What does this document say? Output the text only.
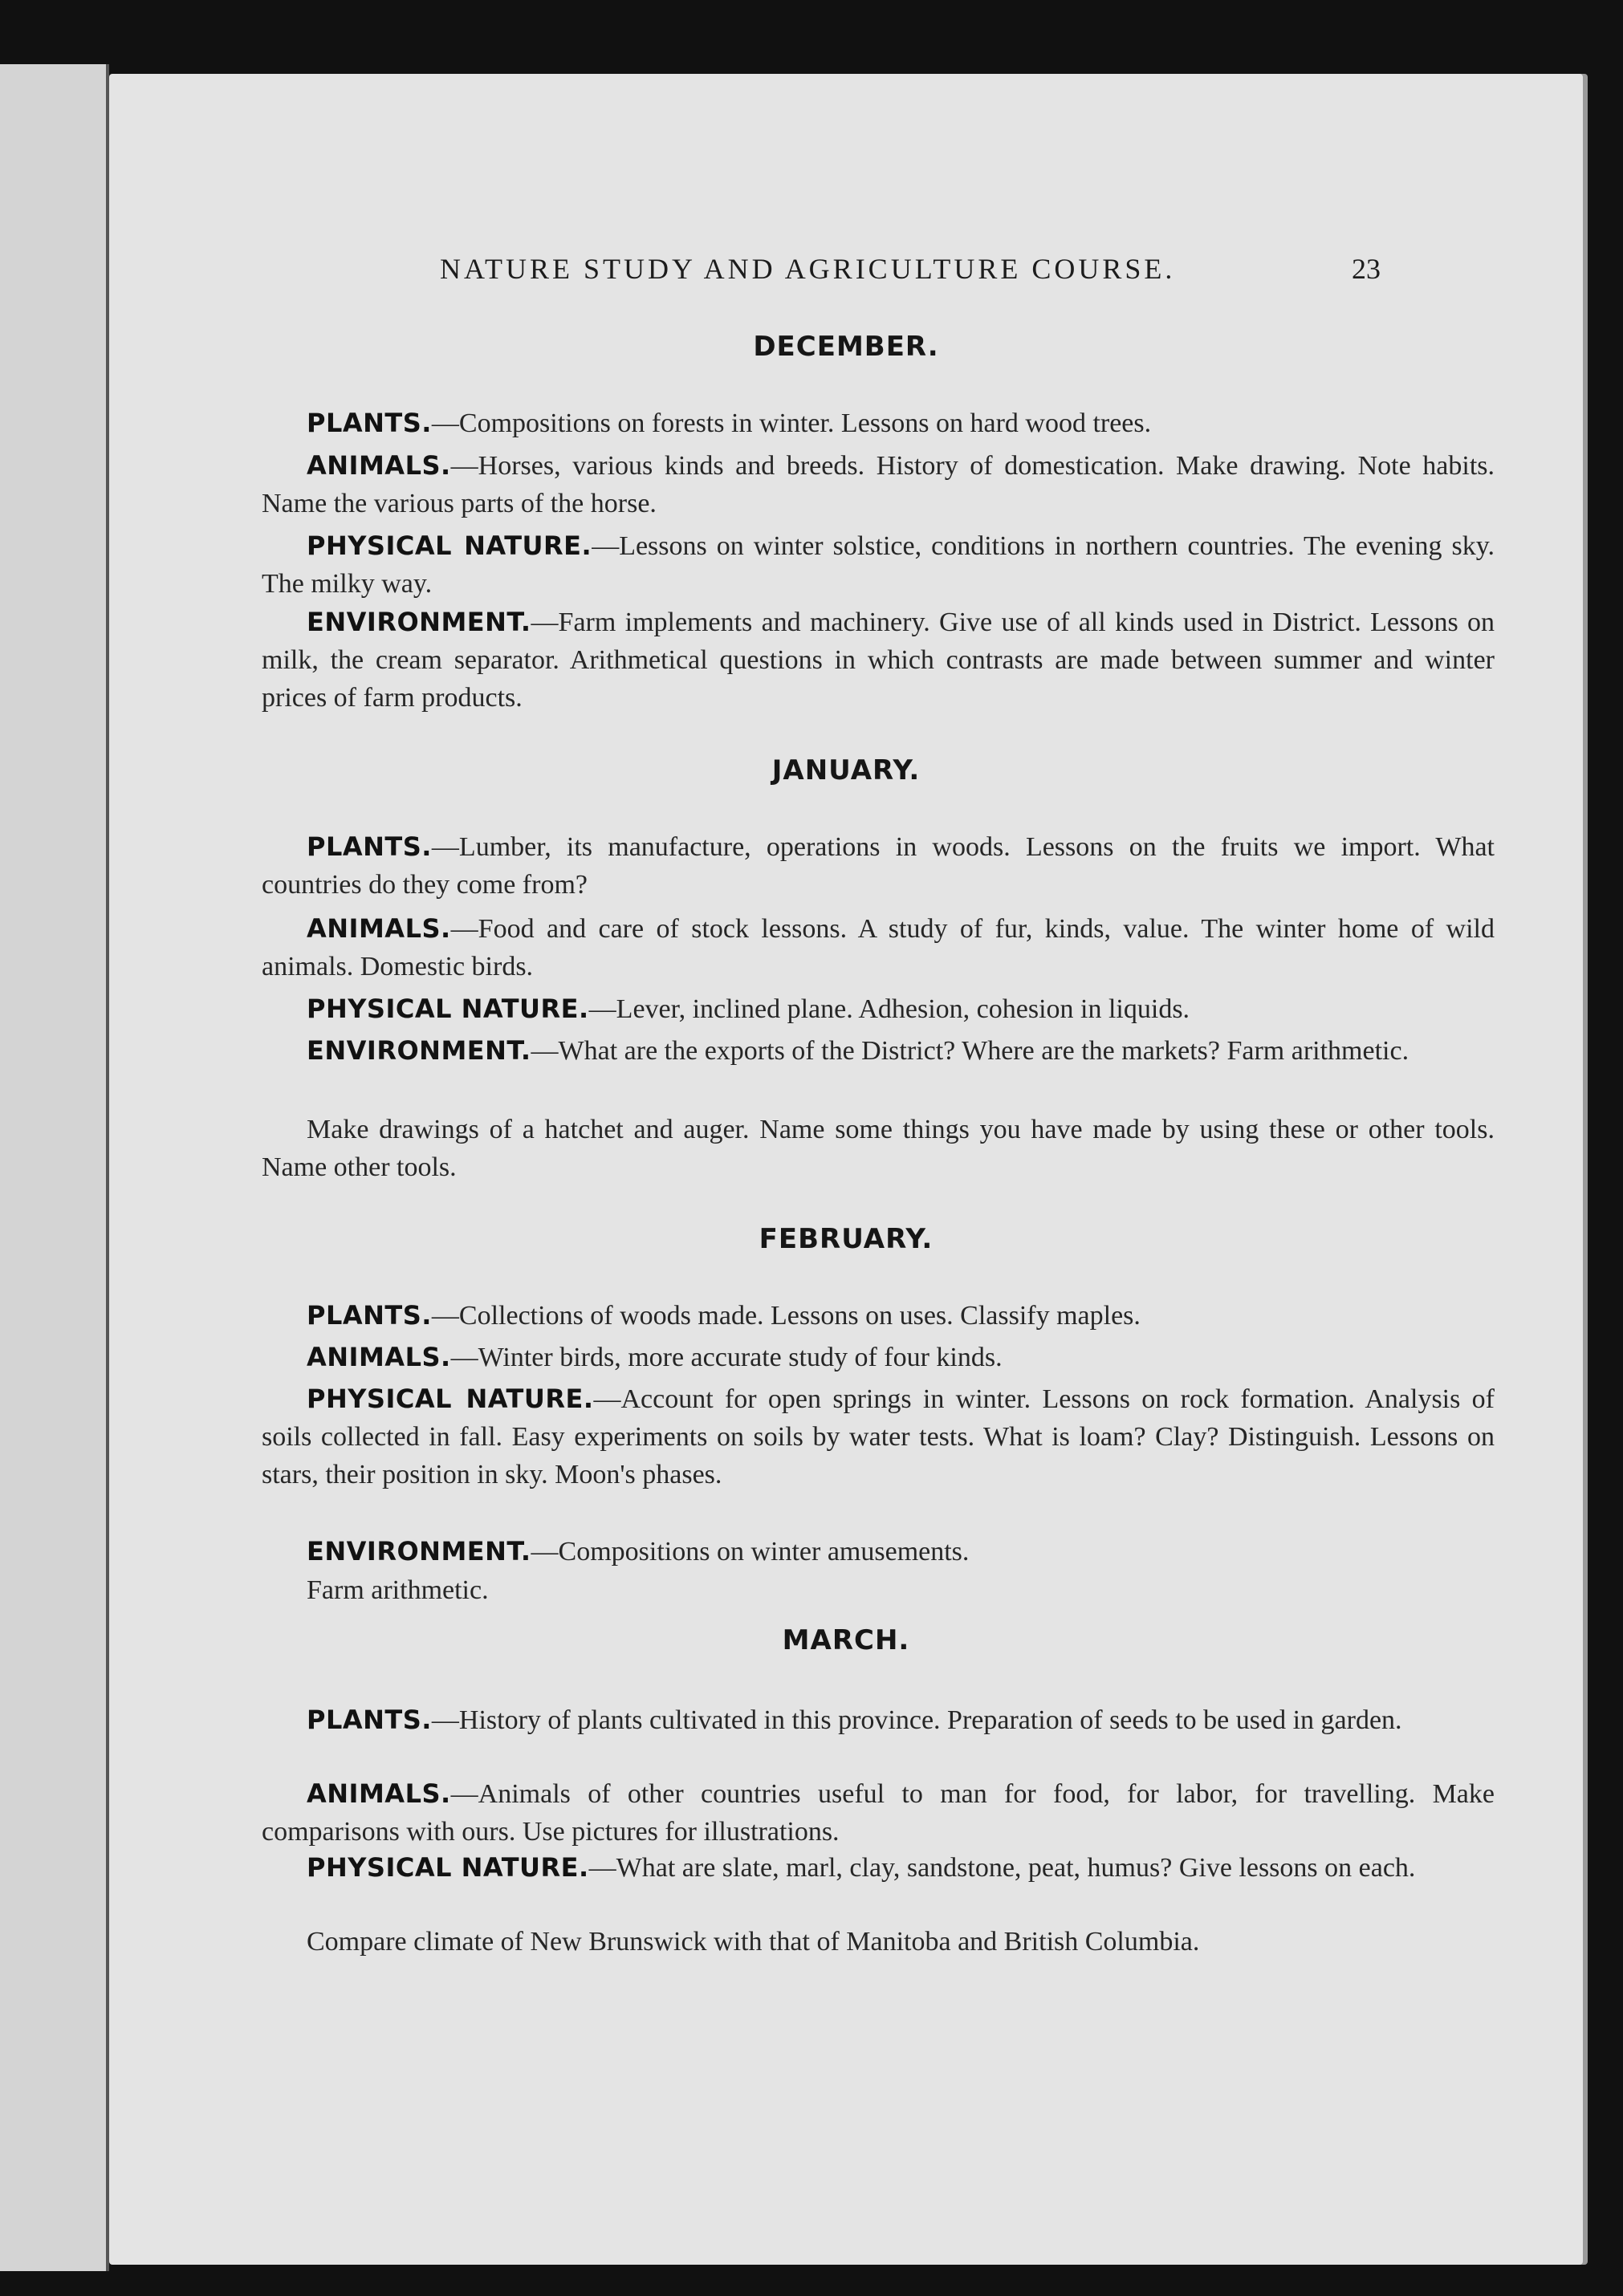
NATURE STUDY AND AGRICULTURE COURSE.	23
DECEMBER.
PLANTS.—Compositions on forests in winter. Lessons on hard wood trees.
ANIMALS.—Horses, various kinds and breeds. History of domestication. Make drawing. Note habits. Name the various parts of the horse.
PHYSICAL NATURE.—Lessons on winter solstice, conditions in northern countries. The evening sky. The milky way.
ENVIRONMENT.—Farm implements and machinery. Give use of all kinds used in District. Lessons on milk, the cream separator. Arithmetical questions in which contrasts are made between summer and winter prices of farm products.
JANUARY.
PLANTS.—Lumber, its manufacture, operations in woods. Lessons on the fruits we import. What countries do they come from?
ANIMALS.—Food and care of stock lessons. A study of fur, kinds, value. The winter home of wild animals. Domestic birds.
PHYSICAL NATURE.—Lever, inclined plane. Adhesion, cohesion in liquids.
ENVIRONMENT.—What are the exports of the District? Where are the markets? Farm arithmetic.
Make drawings of a hatchet and auger. Name some things you have made by using these or other tools. Name other tools.
FEBRUARY.
PLANTS.—Collections of woods made. Lessons on uses. Classify maples.
ANIMALS.—Winter birds, more accurate study of four kinds.
PHYSICAL NATURE.—Account for open springs in winter. Lessons on rock formation. Analysis of soils collected in fall. Easy experiments on soils by water tests. What is loam? Clay? Distinguish. Lessons on stars, their position in sky. Moon's phases.
ENVIRONMENT.—Compositions on winter amusements.
Farm arithmetic.
MARCH.
PLANTS.—History of plants cultivated in this province. Preparation of seeds to be used in garden.
ANIMALS.—Animals of other countries useful to man for food, for labor, for travelling. Make comparisons with ours. Use pictures for illustrations.
PHYSICAL NATURE.—What are slate, marl, clay, sandstone, peat, humus? Give lessons on each.
Compare climate of New Brunswick with that of Manitoba and British Columbia.
